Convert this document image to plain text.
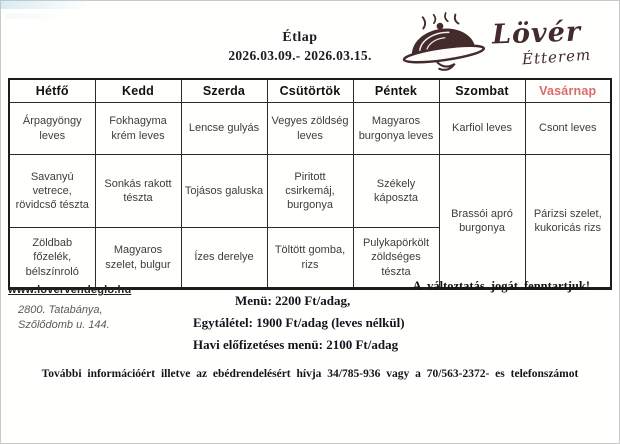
Étlap
2026.03.09.- 2026.03.15.
Lövér
Étterem
Hétfő	Kedd	Szerda	Csütörtök	Péntek	Szombat	Vasárnap
Árpagyöngy leves	Fokhagyma krém leves	Lencse gulyás	Vegyes zöldség leves	Magyaros burgonya leves	Karfiol leves	Csont leves
Savanyú vetrece, rövidcső tészta	Sonkás rakott tészta	Tojásos galuska	Piritott csirkemáj, burgonya	Székely káposzta	Brassói apró burgonya	Párizsi szelet, kukoricás rizs
Zöldbab főzelék, bélszínroló	Magyaros szelet, bulgur	Ízes derelye	Töltött gomba, rizs	Pulykapörkölt zöldséges tészta		
www.lovervendeglo.hu	A változtatás jogát fenntartjuk!
2800. Tatabánya,
Szőlődomb u. 144.
Menü: 2200 Ft/adag,
Egytálétel: 1900 Ft/adag (leves nélkül)
Havi előfizetéses menü: 2100 Ft/adag
További információért illetve az ebédrendelésért hívja 34/785-936 vagy a 70/563-2372- es telefonszámot
